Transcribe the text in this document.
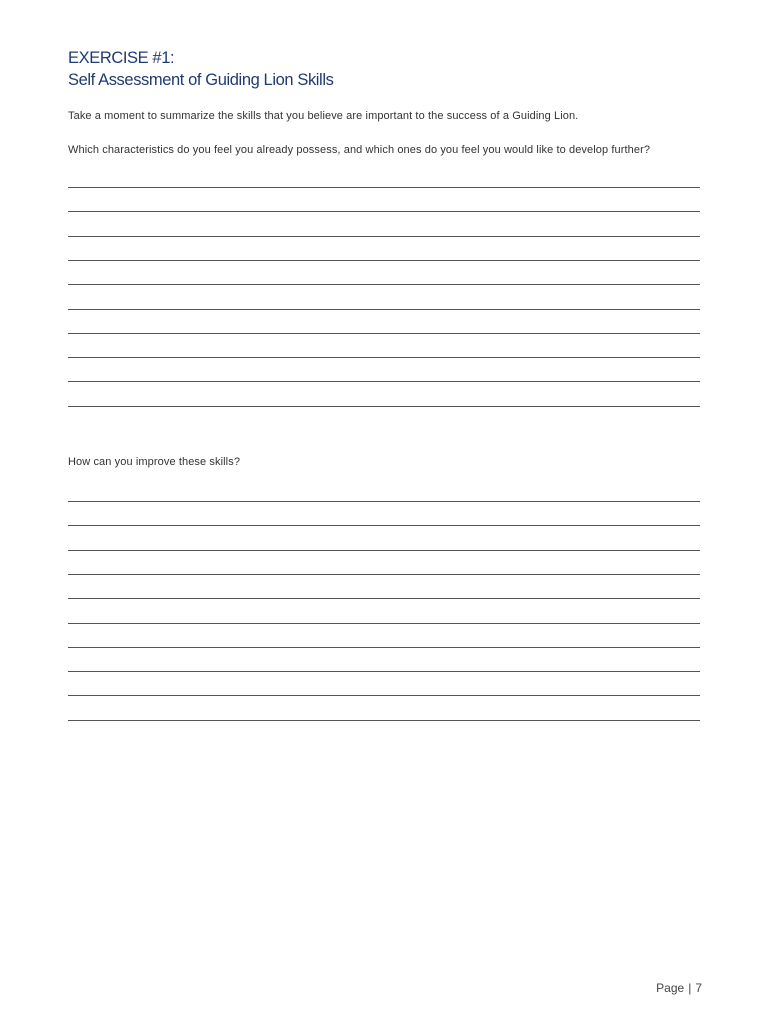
EXERCISE #1:
Self Assessment of Guiding Lion Skills
Take a moment to summarize the skills that you believe are important to the success of a Guiding Lion.
Which characteristics do you feel you already possess, and which ones do you feel you would like to develop further?
How can you improve these skills?
Page | 7
